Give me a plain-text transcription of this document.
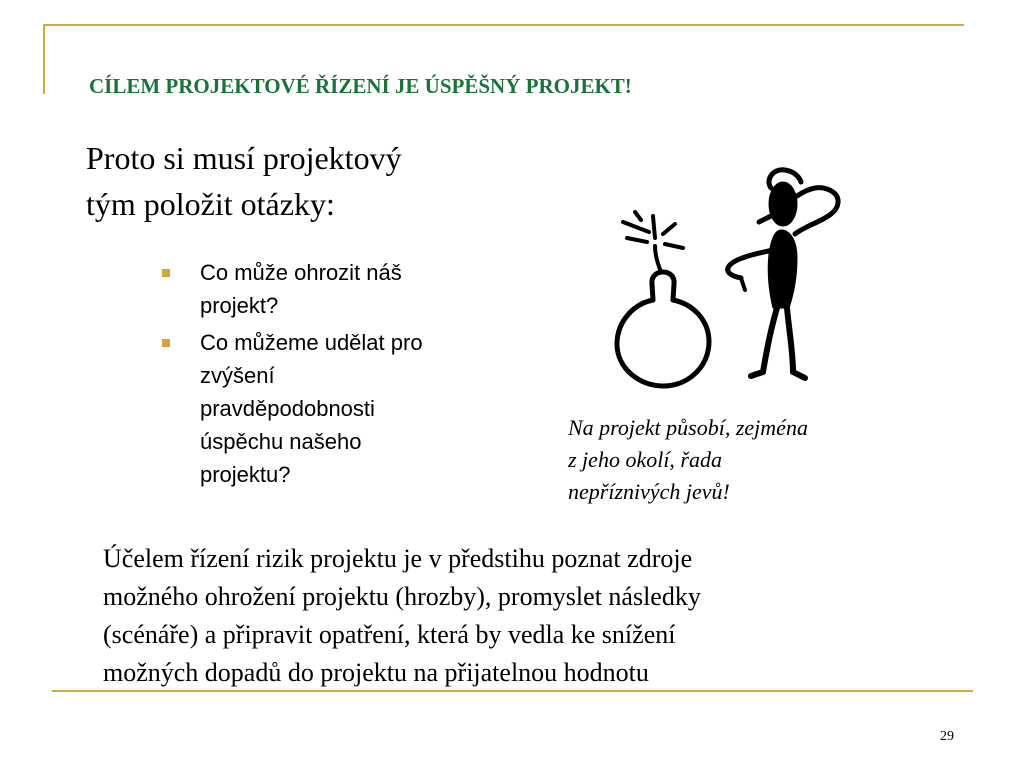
CÍLEM PROJEKTOVÉ ŘÍZENÍ JE ÚSPĚŠNÝ PROJEKT!
Proto si musí projektový
tým položit otázky:
Co může ohrozit náš
projekt?
Co můžeme udělat pro
zvýšení
pravděpodobnosti
úspěchu našeho
projektu?
Na projekt působí, zejména
z jeho okolí, řada
nepříznivých jevů!
Účelem řízení rizik projektu je v předstihu poznat zdroje
možného ohrožení projektu (hrozby), promyslet následky
(scénáře) a připravit opatření, která by vedla ke snížení
možných dopadů do projektu na přijatelnou hodnotu
29
